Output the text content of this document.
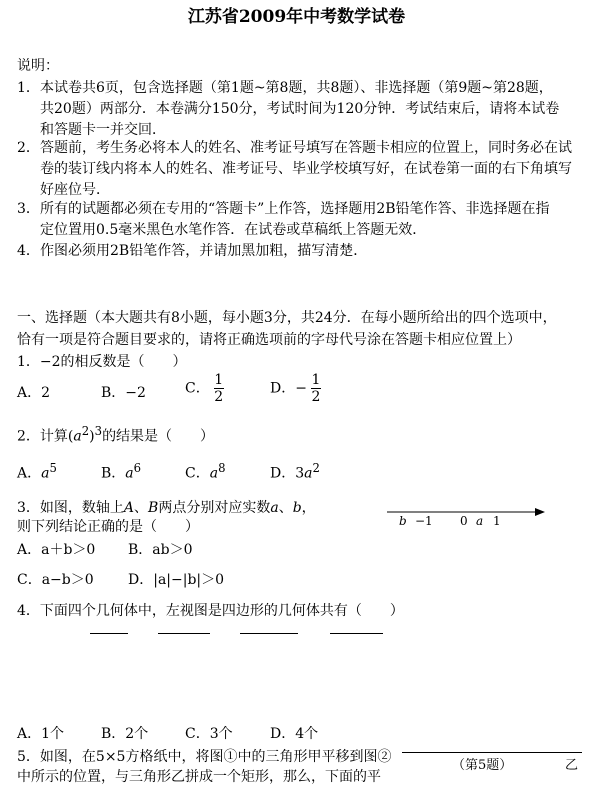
江苏省2009年中考数学试卷
说明：
1． 本试卷共6页，包含选择题（第1题~第8题，共8题）、非选择题（第9题~第28题，
共20题）两部分．本卷满分150分，考试时间为120分钟．考试结束后，请将本试卷
和答题卡一并交回．
2． 答题前，考生务必将本人的姓名、准考证号填写在答题卡相应的位置上，同时务必在试
卷的装订线内将本人的姓名、准考证号、毕业学校填写好，在试卷第一面的右下角填写
好座位号．
3． 所有的试题都必须在专用的“答题卡”上作答，选择题用2B铅笔作答、非选择题在指
定位置用0.5毫米黑色水笔作答．在试卷或草稿纸上答题无效．
4． 作图必须用2B铅笔作答，并请加黑加粗，描写清楚．
一、选择题（本大题共有8小题，每小题3分，共24分．在每小题所给出的四个选项中，
恰有一项是符合题目要求的，请将正确选项前的字母代号涂在答题卡相应位置上）
1．−2的相反数是（　　）
A．2	B．−2	C． $\frac{1}{2}$	D．− $\frac{1}{2}$
2．计算$(a^2)^3$的结果是（　　）
A．$a^5$	B．$a^6$	C．$a^8$	D．$3a^2$
3．如图，数轴上A、B两点分别对应实数a、b，
则下列结论正确的是（　　）	b −1 0 a 1
A．a＋b＞0 B．ab＞0
C．a−b＞0 D．|a|−|b|＞0
4．下面四个几何体中，左视图是四边形的几何体共有（　　）
A．1个	B．2个	C．3个	D．4个
5．如图，在5×5方格纸中，将图①中的三角形甲平移到图②
中所示的位置，与三角形乙拼成一个矩形，那么，下面的平
（第5题）	乙
